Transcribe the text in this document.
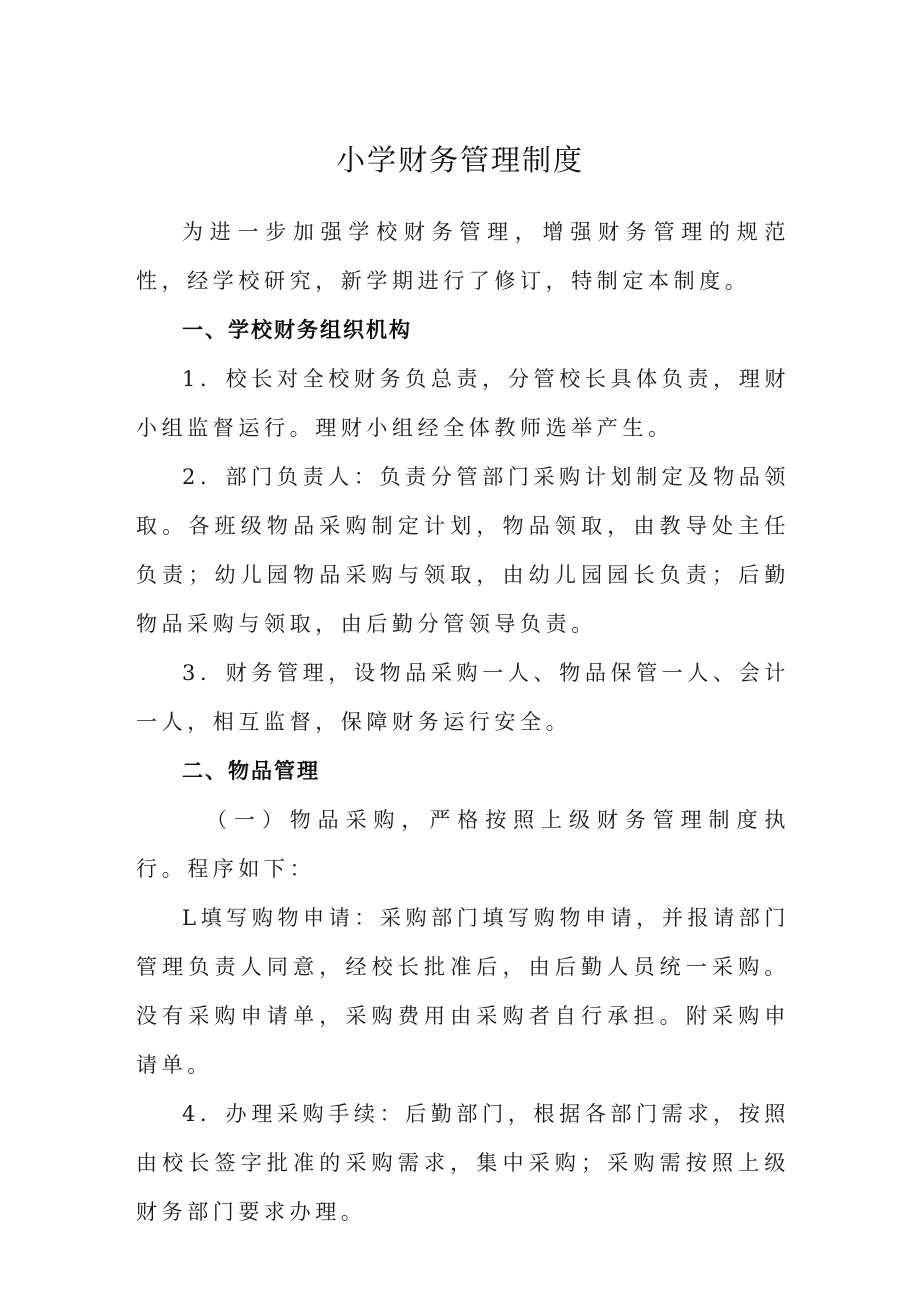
小学财务管理制度

为进一步加强学校财务管理，增强财务管理的规范性，经学校研究，新学期进行了修订，特制定本制度。

一、学校财务组织机构

1．校长对全校财务负总责，分管校长具体负责，理财小组监督运行。理财小组经全体教师选举产生。

2．部门负责人：负责分管部门采购计划制定及物品领取。各班级物品采购制定计划，物品领取，由教导处主任负责；幼儿园物品采购与领取，由幼儿园园长负责；后勤物品采购与领取，由后勤分管领导负责。

3．财务管理，设物品采购一人、物品保管一人、会计一人，相互监督，保障财务运行安全。

二、物品管理

（一）物品采购，严格按照上级财务管理制度执行。程序如下：

L填写购物申请：采购部门填写购物申请，并报请部门管理负责人同意，经校长批准后，由后勤人员统一采购。没有采购申请单，采购费用由采购者自行承担。附采购申请单。

4．办理采购手续：后勤部门，根据各部门需求，按照由校长签字批准的采购需求，集中采购；采购需按照上级财务部门要求办理。
